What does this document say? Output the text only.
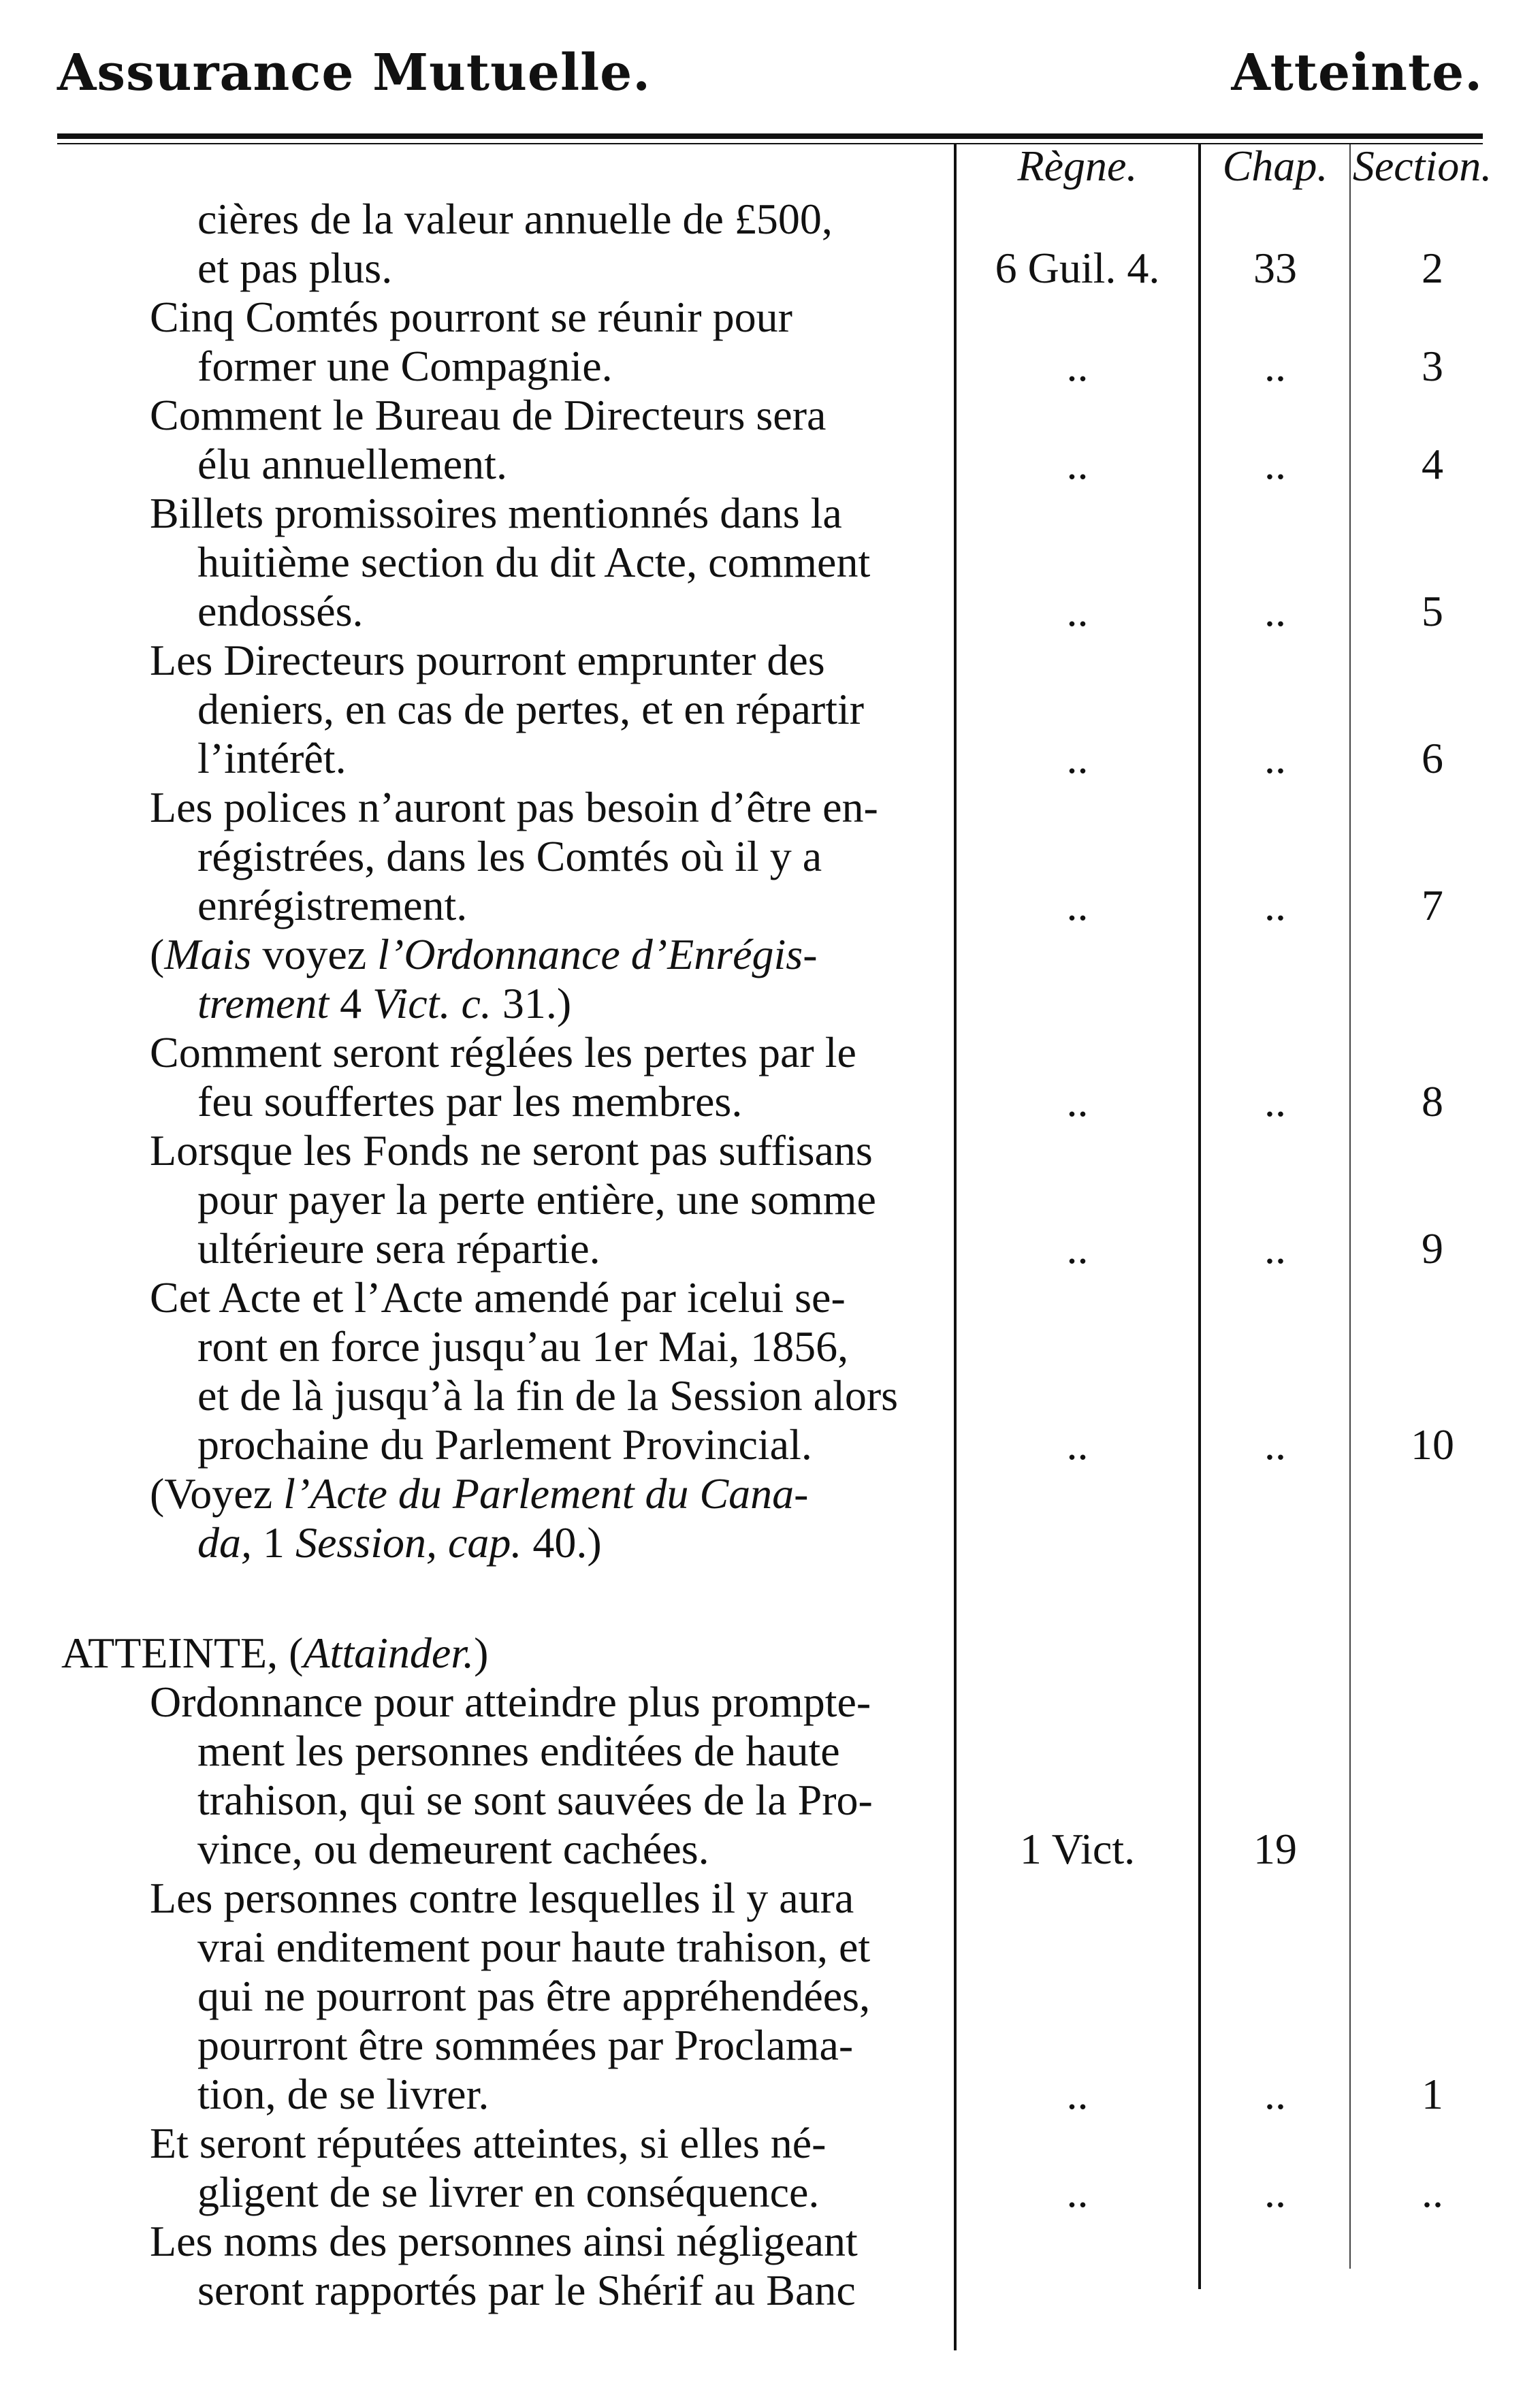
Assurance Mutuelle.	Atteinte.
Règne.	Chap. Section.
cières de la valeur annuelle de £500,
et pas plus.	6 Guil. 4.	33	2
Cinq Comtés pourront se réunir pour
former une Compagnie.	..	..	3
Comment le Bureau de Directeurs sera
élu annuellement.	..	..	4
Billets promissoires mentionnés dans la
huitième section du dit Acte, comment
endossés.	..	..	5
Les Directeurs pourront emprunter des
deniers, en cas de pertes, et en répartir
l’intérêt.	..	..	6
Les polices n’auront pas besoin d’être en-
régistrées, dans les Comtés où il y a
enrégistrement.	..	..	7
(Mais voyez l’Ordonnance d’Enrégis-
trement 4 Vict. c. 31.)
Comment seront réglées les pertes par le
feu souffertes par les membres.	..	..	8
Lorsque les Fonds ne seront pas suffisans
pour payer la perte entière, une somme
ultérieure sera répartie.	..	..	9
Cet Acte et l’Acte amendé par icelui se-
ront en force jusqu’au 1er Mai, 1856,
et de là jusqu’à la fin de la Session alors
prochaine du Parlement Provincial.	..	..	10
(Voyez l’Acte du Parlement du Cana-
da, 1 Session, cap. 40.)
ATTEINTE, (Attainder.)
Ordonnance pour atteindre plus prompte-
ment les personnes enditées de haute
trahison, qui se sont sauvées de la Pro-
vince, ou demeurent cachées.	1 Vict.	19
Les personnes contre lesquelles il y aura
vrai enditement pour haute trahison, et
qui ne pourront pas être appréhendées,
pourront être sommées par Proclama-
tion, de se livrer.	..	..	1
Et seront réputées atteintes, si elles né-
gligent de se livrer en conséquence.	..	..	..
Les noms des personnes ainsi négligeant
seront rapportés par le Shérif au Banc
